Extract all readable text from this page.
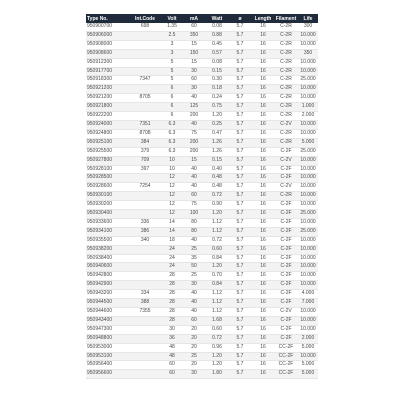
Type No.	Int.Code	Volt	mA	Watt	ø	Length	Filament	Life
950900700	698	1.35	60	0.08	5.7	16	C-2R	300
950906000		2.5	350	0.88	5.7	16	C-2R	10.000
950908000		3	15	0.45	5.7	16	C-2R	10.000
950908600		3	150	0.57	5.7	16	C-2R	350
950912300		5	15	0.08	5.7	16	C-2R	10.000
950917700		5	30	0.15	5.7	16	C-2R	10.000
950918300	7347	5	60	0.30	5.7	16	C-2R	25.000
950921200		6	30	0.18	5.7	16	C-2R	10.000
950921200	8705	6	40	0.24	5.7	16	C-2R	10.000
950921800		6	125	0.75	5.7	16	C-2R	1.000
950922200		6	200	1.20	5.7	16	C-2R	2.000
950924000	7351	6.3	40	0.25	5.7	16	C-2V	10.000
950924800	8708	6.3	75	0.47	5.7	16	C-2R	10.000
950925100	384	6.3	200	1.26	5.7	16	C-2R	5.000
950925500	379	6.3	200	1.26	5.7	16	C-2F	25.000
950927800	709	10	15	0.15	5.7	16	C-2V	10.000
950928100	397	10	40	0.40	5.7	16	C-2F	10.000
950928500		12	40	0.48	5.7	16	C-2F	10.000
950928600	7254	12	40	0.48	5.7	16	C-2V	10.000
950930100		12	60	0.72	5.7	16	C-2R	10.000
950930200		12	75	0.90	5.7	16	C-2F	10.000
950930400		12	100	1.20	5.7	16	C-2F	25.000
950933600	336	14	80	1.12	5.7	16	C-2F	10.000
950934100	386	14	80	1.12	5.7	16	C-2F	25.000
950935500	340	18	40	0.72	5.7	16	C-2F	10.000
950938200		24	25	0.60	5.7	16	C-2F	10.000
950938400		24	35	0.84	5.7	16	C-2F	10.000
950940600		24	50	1.20	5.7	16	C-2F	10.000
950942800		28	25	0.70	5.7	16	C-2F	10.000
950942900		28	30	0.84	5.7	16	C-2F	10.000
950943200	334	28	40	1.12	5.7	16	C-2F	4.000
950944500	388	28	40	1.12	5.7	16	C-2F	7.000
950944600	7355	28	40	1.12	5.7	16	C-2V	10.000
950943400		28	60	1.68	5.7	16	C-2F	10.000
950947300		30	20	0.60	5.7	16	C-2F	10.000
950948800		36	20	0.72	5.7	16	C-2F	2.000
950953000		48	20	0.96	5.7	16	CC-2F	5.000
950953100		48	25	1.20	5.7	16	CC-2F	10.000
950956400		60	20	1.20	5.7	16	CC-2F	5.000
950956600		60	30	1.80	5.7	16	CC-2F	5.000
